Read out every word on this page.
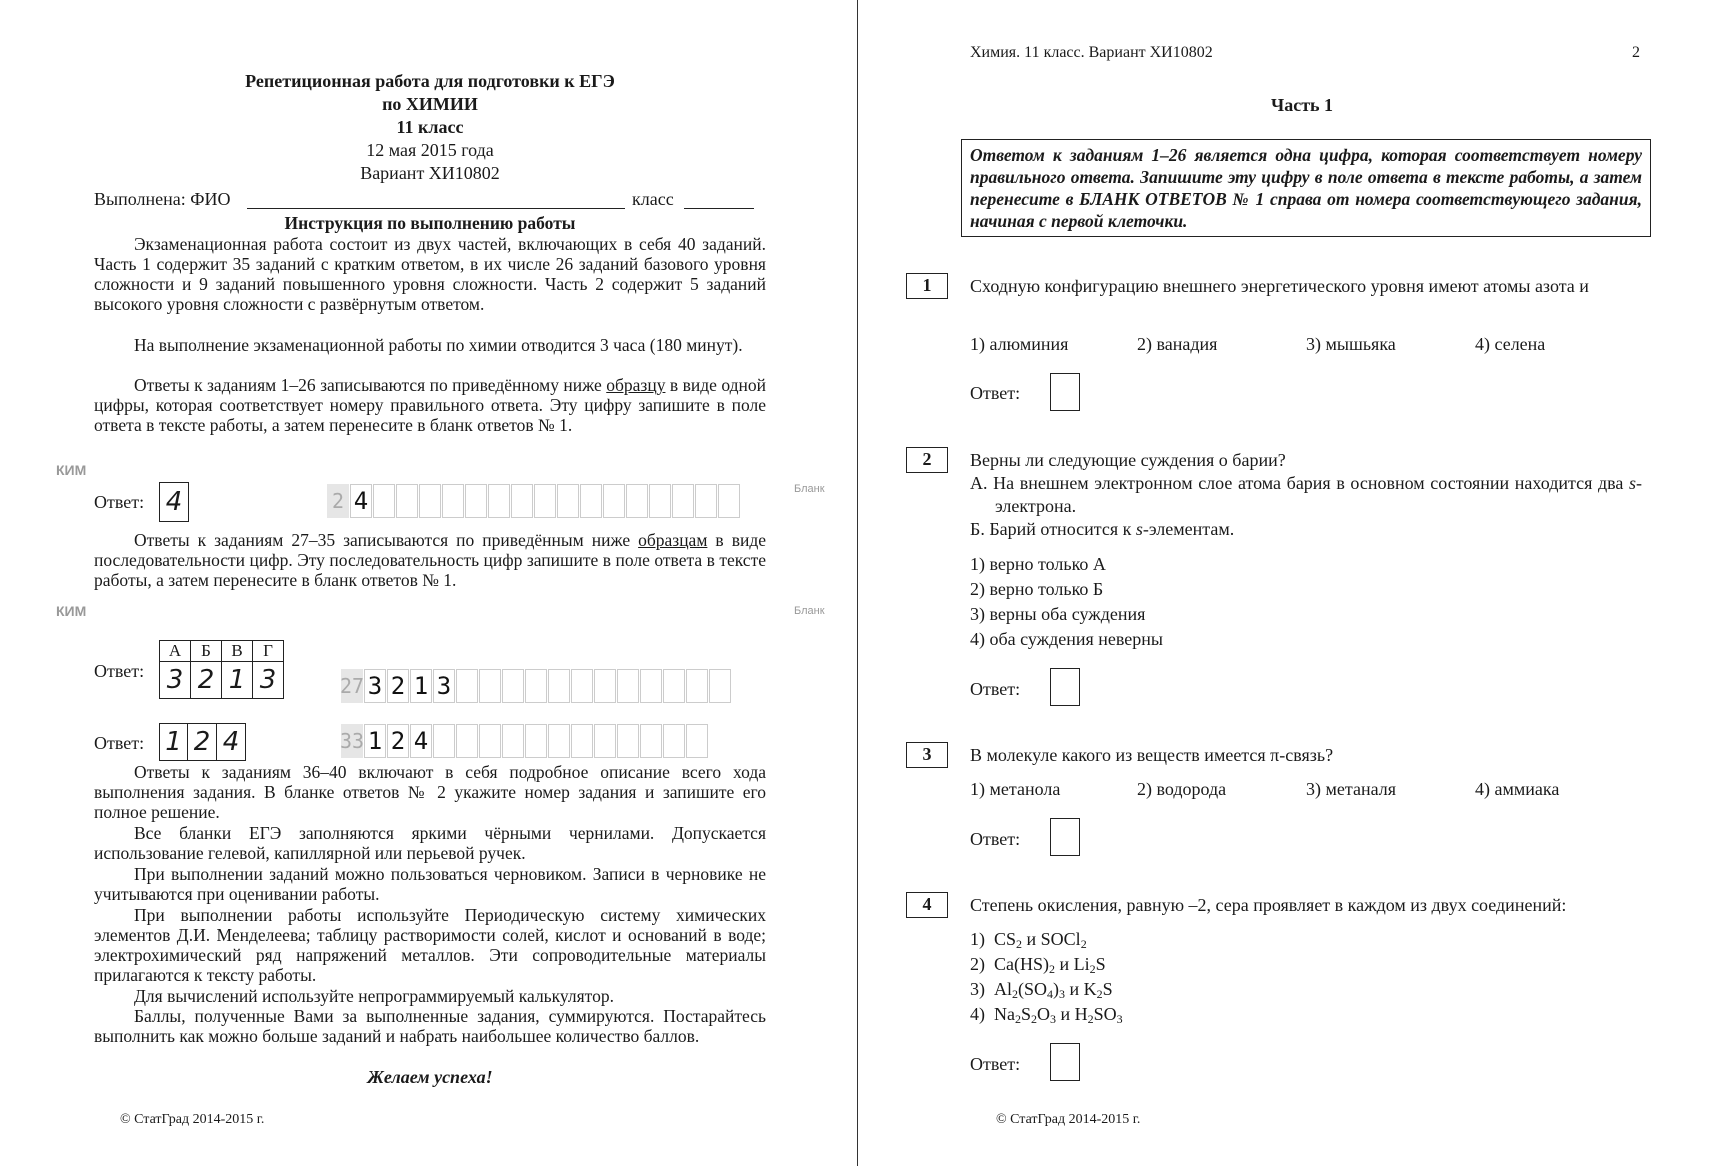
Репетиционная работа для подготовки к ЕГЭ
по ХИМИИ
11 класс
12 мая 2015 года
Вариант ХИ10802
Выполнена: ФИО	класс
Инструкция по выполнению работы
Экзаменационная работа состоит из двух частей, включающих в себя 40 заданий. Часть 1 содержит 35 заданий с кратким ответом, в их числе 26 заданий базового уровня сложности и 9 заданий повышенного уровня сложности. Часть 2 содержит 5 заданий высокого уровня сложности с развёрнутым ответом.
На выполнение экзаменационной работы по химии отводится 3 часа (180 минут).
Ответы к заданиям 1–26 записываются по приведённому ниже образцу в виде одной цифры, которая соответствует номеру правильного ответа. Эту цифру запишите в поле ответа в тексте работы, а затем перенесите в бланк ответов № 1.
КИМ
Бланк
Ответ: 4	2 4
Ответы к заданиям 27–35 записываются по приведённым ниже образцам в виде последовательности цифр. Эту последовательность цифр запишите в поле ответа в тексте работы, а затем перенесите в бланк ответов № 1.
КИМ	Бланк
Ответ:
А	Б	В	Г
3	2	1	3	27 3 2 1 3
Ответ: 1 2 4	33 1 2 4
Ответы к заданиям 36–40 включают в себя подробное описание всего хода выполнения задания. В бланке ответов № 2 укажите номер задания и запишите его полное решение.
Все бланки ЕГЭ заполняются яркими чёрными чернилами. Допускается использование гелевой, капиллярной или перьевой ручек.
При выполнении заданий можно пользоваться черновиком. Записи в черновике не учитываются при оценивании работы.
При выполнении работы используйте Периодическую систему химических элементов Д.И. Менделеева; таблицу растворимости солей, кислот и оснований в воде; электрохимический ряд напряжений металлов. Эти сопроводительные материалы прилагаются к тексту работы.
Для вычислений используйте непрограммируемый калькулятор.
Баллы, полученные Вами за выполненные задания, суммируются. Постарайтесь выполнить как можно больше заданий и набрать наибольшее количество баллов.
Желаем успеха!
© СтатГрад 2014-2015 г.
Химия. 11 класс. Вариант ХИ10802	2
Часть 1
Ответом к заданиям 1–26 является одна цифра, которая соответствует номеру правильного ответа. Запишите эту цифру в поле ответа в тексте работы, а затем перенесите в БЛАНК ОТВЕТОВ № 1 справа от номера соответствующего задания, начиная с первой клеточки.
1	Сходную конфигурацию внешнего энергетического уровня имеют атомы азота и
1) алюминия	2) ванадия	3) мышьяка	4) селена
Ответ:
2	Верны ли следующие суждения о барии?
А. На внешнем электронном слое атома бария в основном состоянии находится два s-электрона.
Б. Барий относится к s-элементам.
1) верно только А
2) верно только Б
3) верны оба суждения
4) оба суждения неверны
Ответ:
3	В молекуле какого из веществ имеется π-связь?
1) метанола	2) водорода	3) метаналя	4) аммиака
Ответ:
4	Степень окисления, равную –2, сера проявляет в каждом из двух соединений:
1) $CS_2$ и SOCl$_2$
2) $Ca(HS)_2$ и $Li_2S$
3) $Al_2(SO_4)_3$ и $K_2S$
4) $Na_2S_2O_3$ и $H_2SO_3$
Ответ:
© СтатГрад 2014-2015 г.
